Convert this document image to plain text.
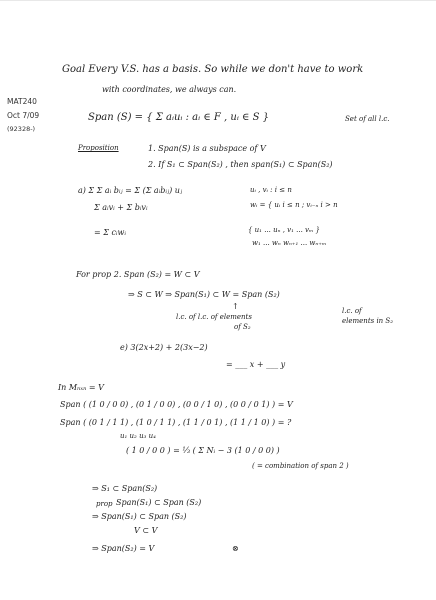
MAT240
Oct 7/09
(92328-)
Goal Every V.S. has a basis. So while we don't have to work
with coordinates, we always can.
Span (S) = { Σ aᵢuᵢ : aᵢ ∈ F , uᵢ ∈ S }	Set of all l.c.
Proposition	1. Span(S) is a subspace of V
2. If S₁ ⊂ Span(S₂) , then span(S₁) ⊂ Span(S₂)
a) Σ Σ aᵢ bᵢⱼ = Σ (Σ aᵢbᵢⱼ) uⱼ	uᵢ , vᵢ : i ≤ n
Σ aᵢvᵢ + Σ bᵢvᵢ	wᵢ = { uᵢ i ≤ n ; vᵢ₋ₙ i > n
= Σ cᵢwᵢ	{ u₁ ... uₙ , v₁ ... vₘ }
w₁ ... wₙ wₙ₊₁ ... wₙ₊ₘ
For prop 2. Span (S₂) = W ⊂ V
⇒ S ⊂ W ⇒ Span(S₁) ⊂ W = Span (S₂)
↑
l.c. of l.c. of elements
of S₂
l.c. of
elements in S₂
e) 3(2x+2) + 2(3x−2)
= ___ x + ___ y
In Mₙₓₙ = V
Span ( (1 0 / 0 0) , (0 1 / 0 0) , (0 0 / 1 0) , (0 0 / 0 1) ) = V
Span ( (0 1 / 1 1) , (1 0 / 1 1) , (1 1 / 0 1) , (1 1 / 1 0) ) = ?
u₁ u₂ u₃ u₄
( 1 0 / 0 0 ) = ⅓ ( Σ Nᵢ − 3 (1 0 / 0 0) )
( = combination of span 2 )
⇒ S₁ ⊂ Span(S₂)
prop Span(S₁) ⊂ Span (S₂)
⇒ Span(S₁) ⊂ Span (S₂)
V ⊂ V
⇒ Span(S₂) = V	⊗
